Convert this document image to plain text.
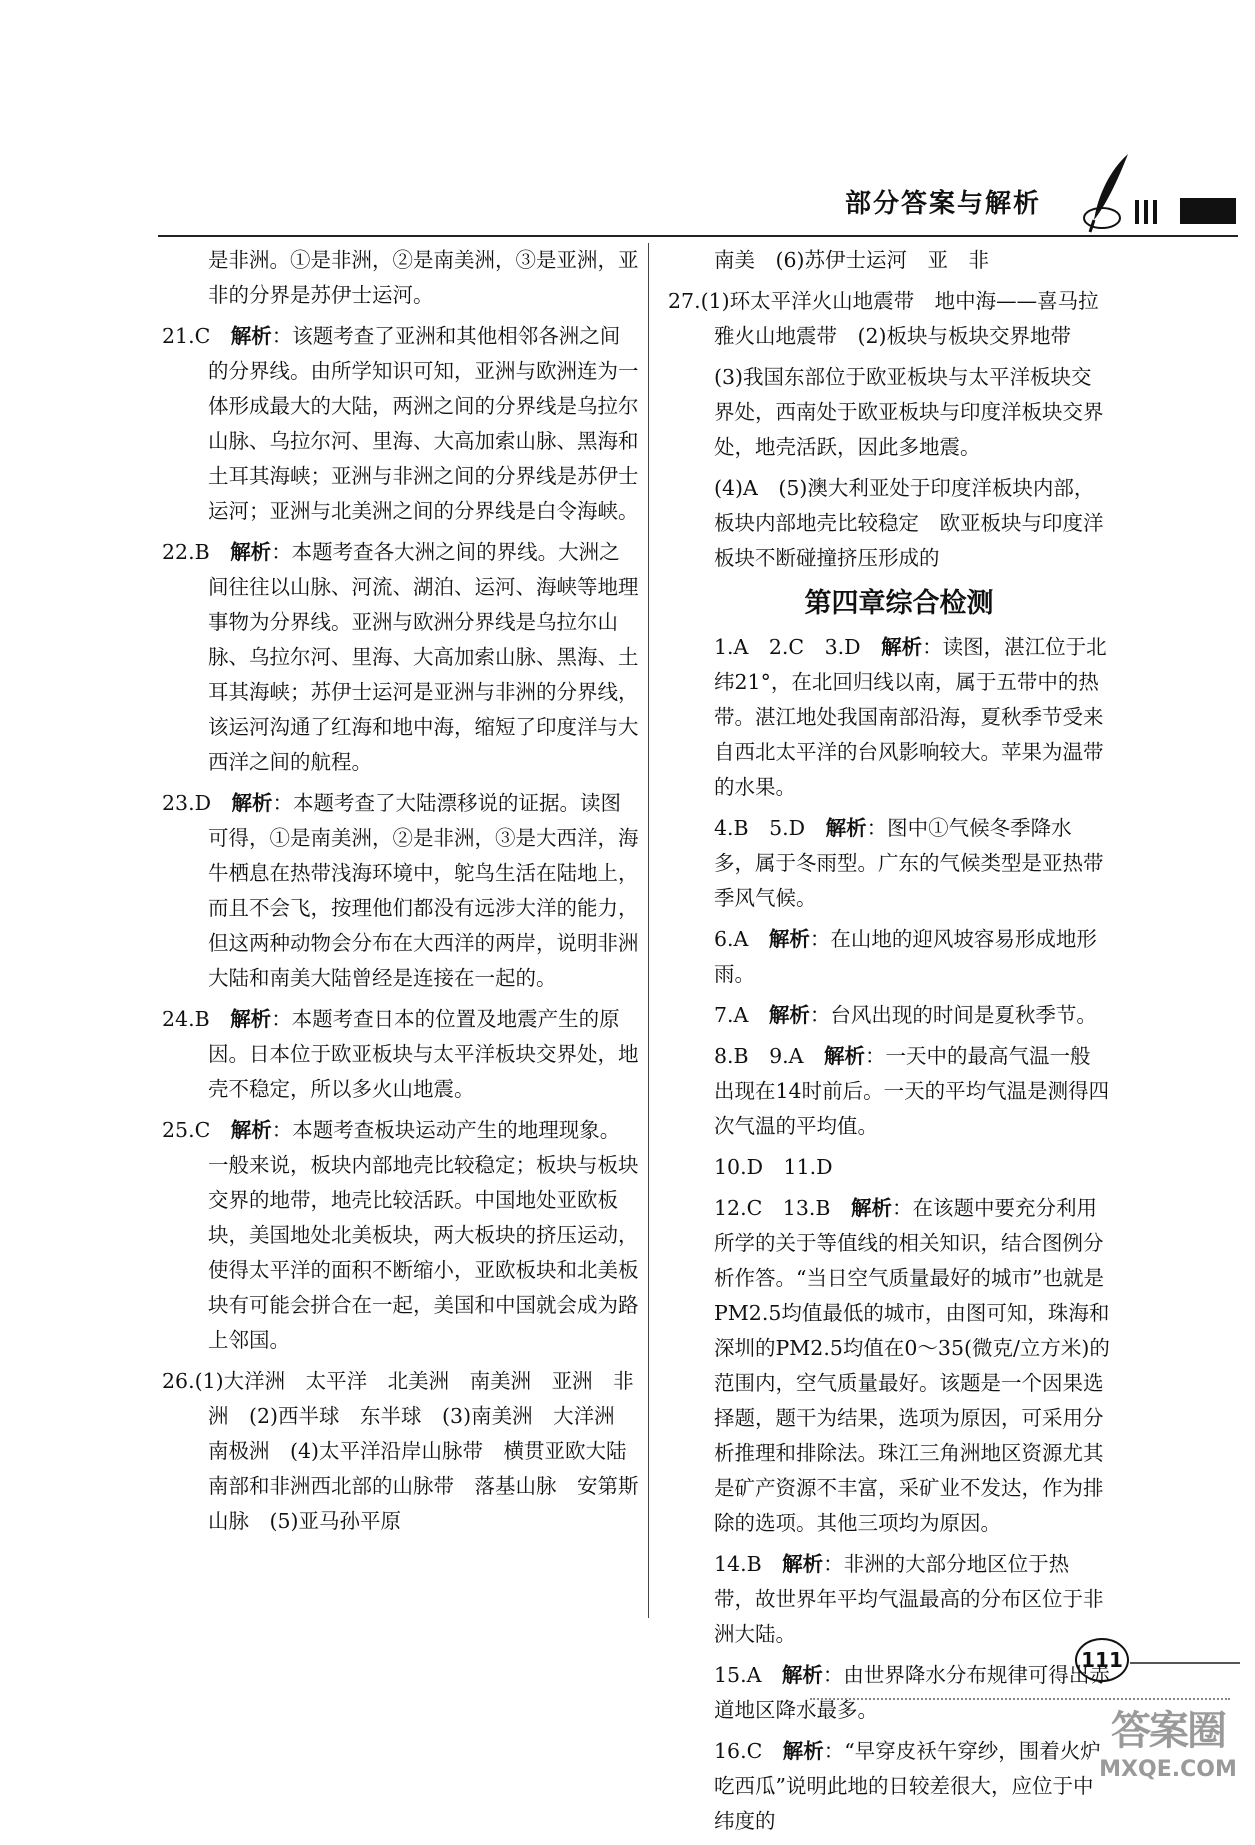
部分答案与解析
是非洲。①是非洲，②是南美洲，③是亚洲，亚非的分界是苏伊士运河。
21.C　解析：该题考查了亚洲和其他相邻各洲之间的分界线。由所学知识可知，亚洲与欧洲连为一体形成最大的大陆，两洲之间的分界线是乌拉尔山脉、乌拉尔河、里海、大高加索山脉、黑海和土耳其海峡；亚洲与非洲之间的分界线是苏伊士运河；亚洲与北美洲之间的分界线是白令海峡。
22.B　解析：本题考查各大洲之间的界线。大洲之间往往以山脉、河流、湖泊、运河、海峡等地理事物为分界线。亚洲与欧洲分界线是乌拉尔山脉、乌拉尔河、里海、大高加索山脉、黑海、土耳其海峡；苏伊士运河是亚洲与非洲的分界线，该运河沟通了红海和地中海，缩短了印度洋与大西洋之间的航程。
23.D　解析：本题考查了大陆漂移说的证据。读图可得，①是南美洲，②是非洲，③是大西洋，海牛栖息在热带浅海环境中，鸵鸟生活在陆地上，而且不会飞，按理他们都没有远涉大洋的能力，但这两种动物会分布在大西洋的两岸，说明非洲大陆和南美大陆曾经是连接在一起的。
24.B　解析：本题考查日本的位置及地震产生的原因。日本位于欧亚板块与太平洋板块交界处，地壳不稳定，所以多火山地震。
25.C　解析：本题考查板块运动产生的地理现象。一般来说，板块内部地壳比较稳定；板块与板块交界的地带，地壳比较活跃。中国地处亚欧板块，美国地处北美板块，两大板块的挤压运动，使得太平洋的面积不断缩小，亚欧板块和北美板块有可能会拼合在一起，美国和中国就会成为路上邻国。
26.(1)大洋洲　太平洋　北美洲　南美洲　亚洲　非洲　(2)西半球　东半球　(3)南美洲　大洋洲　南极洲　(4)太平洋沿岸山脉带　横贯亚欧大陆南部和非洲西北部的山脉带　落基山脉　安第斯山脉　(5)亚马孙平原
南美　(6)苏伊士运河　亚　非
27.(1)环太平洋火山地震带　地中海——喜马拉雅火山地震带　(2)板块与板块交界地带
(3)我国东部位于欧亚板块与太平洋板块交界处，西南处于欧亚板块与印度洋板块交界处，地壳活跃，因此多地震。
(4)A　(5)澳大利亚处于印度洋板块内部，板块内部地壳比较稳定　欧亚板块与印度洋板块不断碰撞挤压形成的
第四章综合检测
1.A　2.C　3.D　解析：读图，湛江位于北纬21°，在北回归线以南，属于五带中的热带。湛江地处我国南部沿海，夏秋季节受来自西北太平洋的台风影响较大。苹果为温带的水果。
4.B　5.D　解析：图中①气候冬季降水多，属于冬雨型。广东的气候类型是亚热带季风气候。
6.A　解析：在山地的迎风坡容易形成地形雨。
7.A　解析：台风出现的时间是夏秋季节。
8.B　9.A　解析：一天中的最高气温一般出现在14时前后。一天的平均气温是测得四次气温的平均值。
10.D　11.D
12.C　13.B　解析：在该题中要充分利用所学的关于等值线的相关知识，结合图例分析作答。“当日空气质量最好的城市”也就是PM2.5均值最低的城市，由图可知，珠海和深圳的PM2.5均值在0～35(微克/立方米)的范围内，空气质量最好。该题是一个因果选择题，题干为结果，选项为原因，可采用分析推理和排除法。珠江三角洲地区资源尤其是矿产资源不丰富，采矿业不发达，作为排除的选项。其他三项均为原因。
14.B　解析：非洲的大部分地区位于热带，故世界年平均气温最高的分布区位于非洲大陆。
15.A　解析：由世界降水分布规律可得出赤道地区降水最多。
16.C　解析：“早穿皮袄午穿纱，围着火炉吃西瓜”说明此地的日较差很大，应位于中纬度的
111
答案圈
MXQE.COM
